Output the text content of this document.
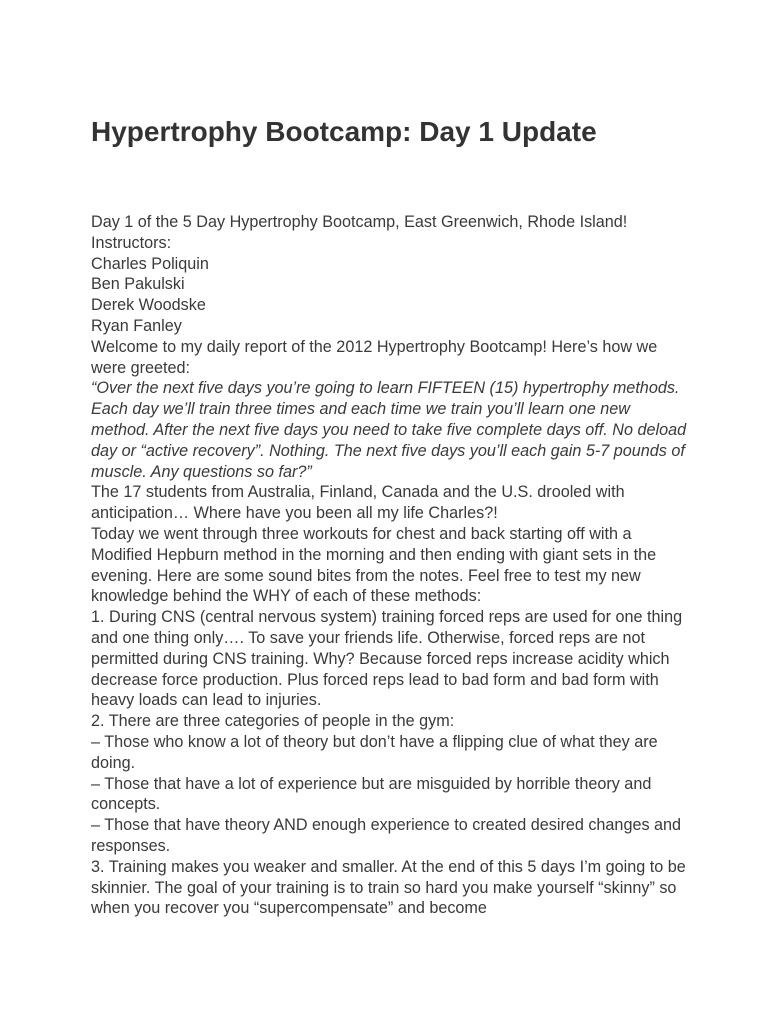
Hypertrophy Bootcamp: Day 1 Update

Day 1 of the 5 Day Hypertrophy Bootcamp, East Greenwich, Rhode Island!

Instructors:

Charles Poliquin

Ben Pakulski

Derek Woodske

Ryan Fanley

Welcome to my daily report of the 2012 Hypertrophy Bootcamp! Here’s how we were greeted:

“Over the next five days you’re going to learn FIFTEEN (15) hypertrophy methods. Each day we’ll train three times and each time we train you’ll learn one new method. After the next five days you need to take five complete days off. No deload day or “active recovery”. Nothing. The next five days you’ll each gain 5-7 pounds of muscle. Any questions so far?”

The 17 students from Australia, Finland, Canada and the U.S. drooled with anticipation… Where have you been all my life Charles?!

Today we went through three workouts for chest and back starting off with a Modified Hepburn method in the morning and then ending with giant sets in the evening. Here are some sound bites from the notes. Feel free to test my new knowledge behind the WHY of each of these methods:

1. During CNS (central nervous system) training forced reps are used for one thing and one thing only…. To save your friends life. Otherwise, forced reps are not permitted during CNS training. Why? Because forced reps increase acidity which decrease force production. Plus forced reps lead to bad form and bad form with heavy loads can lead to injuries.

2. There are three categories of people in the gym:

– Those who know a lot of theory but don’t have a flipping clue of what they are doing.

– Those that have a lot of experience but are misguided by horrible theory and concepts.

– Those that have theory AND enough experience to created desired changes and responses.

3. Training makes you weaker and smaller. At the end of this 5 days I’m going to be skinnier. The goal of your training is to train so hard you make yourself “skinny” so when you recover you “supercompensate” and become
